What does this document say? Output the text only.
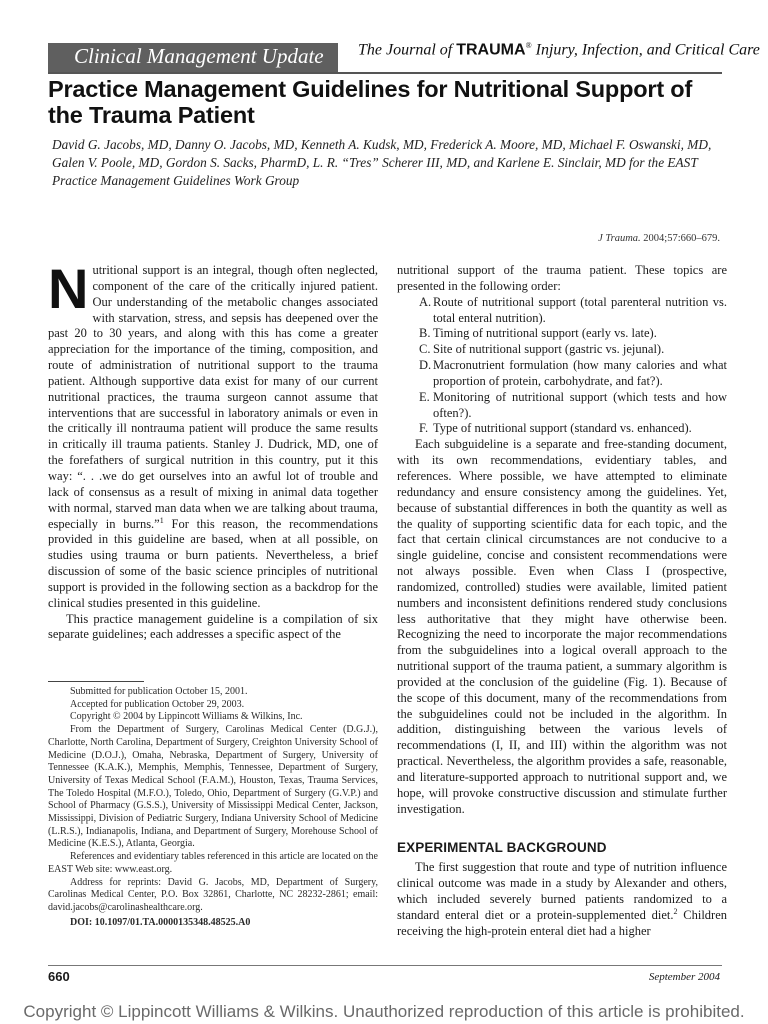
Clinical Management Update The Journal of TRAUMA® Injury, Infection, and Critical Care
Practice Management Guidelines for Nutritional Support of the Trauma Patient

David G. Jacobs, MD, Danny O. Jacobs, MD, Kenneth A. Kudsk, MD, Frederick A. Moore, MD, Michael F. Oswanski, MD, Galen V. Poole, MD, Gordon S. Sacks, PharmD, L. R. “Tres” Scherer III, MD, and Karlene E. Sinclair, MD for the EAST Practice Management Guidelines Work Group

J Trauma. 2004;57:660–679.

Nutritional support is an integral, though often neglected, component of the care of the critically injured patient. Our understanding of the metabolic changes associated with starvation, stress, and sepsis has deepened over the past 20 to 30 years, and along with this has come a greater appreciation for the importance of the timing, composition, and route of administration of nutritional support to the trauma patient. Although supportive data exist for many of our current nutritional practices, the trauma surgeon cannot assume that interventions that are successful in laboratory animals or even in the critically ill nontrauma patient will produce the same results in critically ill trauma patients. Stanley J. Dudrick, MD, one of the forefathers of surgical nutrition in this country, put it this way: “. . .we do get ourselves into an awful lot of trouble and lack of consensus as a result of mixing in animal data together with normal, starved man data when we are talking about trauma, especially in burns.”$^1$ For this reason, the recommendations provided in this guideline are based, when at all possible, on studies using trauma or burn patients. Nevertheless, a brief discussion of some of the basic science principles of nutritional support is provided in the following section as a backdrop for the clinical studies presented in this guideline.

This practice management guideline is a compilation of six separate guidelines; each addresses a specific aspect of the

Submitted for publication October 15, 2001.

Accepted for publication October 29, 2003.

Copyright © 2004 by Lippincott Williams & Wilkins, Inc.

From the Department of Surgery, Carolinas Medical Center (D.G.J.), Charlotte, North Carolina, Department of Surgery, Creighton University School of Medicine (D.O.J.), Omaha, Nebraska, Department of Surgery, University of Tennessee (K.A.K.), Memphis, Memphis, Tennessee, Department of Surgery, University of Texas Medical School (F.A.M.), Houston, Texas, Trauma Services, The Toledo Hospital (M.F.O.), Toledo, Ohio, Department of Surgery (G.V.P.) and School of Pharmacy (G.S.S.), University of Mississippi Medical Center, Jackson, Mississippi, Division of Pediatric Surgery, Indiana University School of Medicine (L.R.S.), Indianapolis, Indiana, and Department of Surgery, Morehouse School of Medicine (K.E.S.), Atlanta, Georgia.

References and evidentiary tables referenced in this article are located on the EAST Web site: www.east.org.

Address for reprints: David G. Jacobs, MD, Department of Surgery, Carolinas Medical Center, P.O. Box 32861, Charlotte, NC 28232-2861; email: david.jacobs@carolinashealthcare.org.

DOI: 10.1097/01.TA.0000135348.48525.A0

nutritional support of the trauma patient. These topics are presented in the following order:

A. Route of nutritional support (total parenteral nutrition vs. total enteral nutrition).
B. Timing of nutritional support (early vs. late).
C. Site of nutritional support (gastric vs. jejunal).
D. Macronutrient formulation (how many calories and what proportion of protein, carbohydrate, and fat?).
E. Monitoring of nutritional support (which tests and how often?).
F. Type of nutritional support (standard vs. enhanced).

Each subguideline is a separate and free-standing document, with its own recommendations, evidentiary tables, and references. Where possible, we have attempted to eliminate redundancy and ensure consistency among the guidelines. Yet, because of substantial differences in both the quantity as well as the quality of supporting scientific data for each topic, and the fact that certain clinical circumstances are not conducive to a single guideline, concise and consistent recommendations were not always possible. Even when Class I (prospective, randomized, controlled) studies were available, limited patient numbers and inconsistent definitions rendered study conclusions less authoritative that they might have otherwise been. Recognizing the need to incorporate the major recommendations from the subguidelines into a logical overall approach to the nutritional support of the trauma patient, a summary algorithm is provided at the conclusion of the guideline (Fig. 1). Because of the scope of this document, many of the recommendations from the subguidelines could not be included in the algorithm. In addition, distinguishing between the various levels of recommendations (I, II, and III) within the algorithm was not practical. Nevertheless, the algorithm provides a safe, reasonable, and literature-supported approach to nutritional support and, we hope, will provoke constructive discussion and stimulate further investigation.

EXPERIMENTAL BACKGROUND

The first suggestion that route and type of nutrition influence clinical outcome was made in a study by Alexander and others, which included severely burned patients randomized to a standard enteral diet or a protein-supplemented diet.$^2$ Children receiving the high-protein enteral diet had a higher

660	September 2004
Copyright © Lippincott Williams & Wilkins. Unauthorized reproduction of this article is prohibited.
